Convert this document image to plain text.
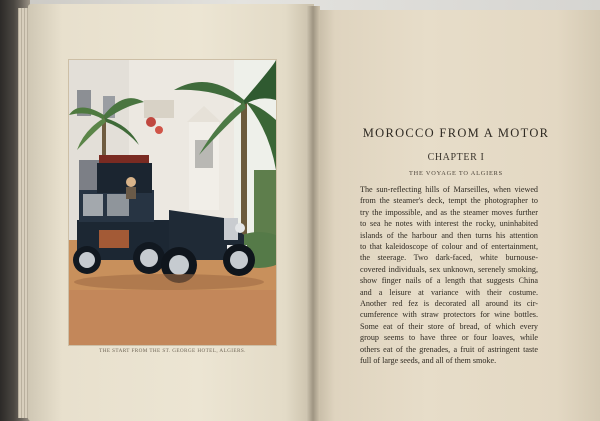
THE START FROM THE ST. GEORGE HOTEL, ALGIERS.
MOROCCO FROM A MOTOR
CHAPTER I
THE VOYAGE TO ALGIERS
The sun-reflecting hills of Marseilles, when viewed
from the steamer's deck, tempt the photographer to
try the impossible, and as the steamer moves further
to sea he notes with interest the rocky, uninhabited
islands of the harbour and then turns his attention
to that kaleidoscope of colour and of entertainment,
the steerage. Two dark-faced, white burnouse-
covered individuals, sex unknown, serenely smoking,
show finger nails of a length that suggests China
and a leisure at variance with their costume.
Another red fez is decorated all around its cir-
cumference with straw protectors for wine bottles.
Some eat of their store of bread, of which every
group seems to have three or four loaves, while
others eat of the grenades, a fruit of astringent taste
full of large seeds, and all of them smoke.
